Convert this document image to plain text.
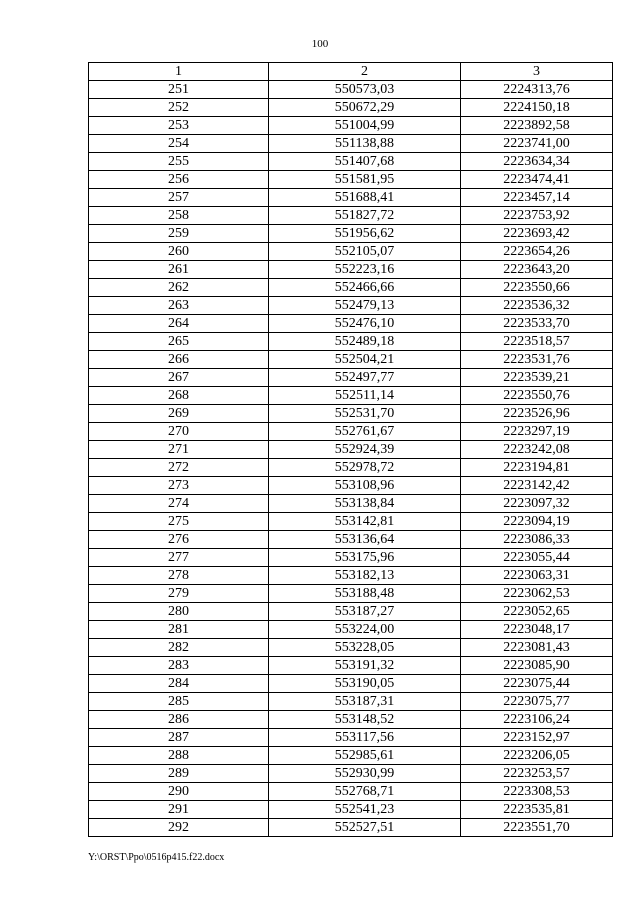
100
1	2	3
251	550573,03	2224313,76
252	550672,29	2224150,18
253	551004,99	2223892,58
254	551138,88	2223741,00
255	551407,68	2223634,34
256	551581,95	2223474,41
257	551688,41	2223457,14
258	551827,72	2223753,92
259	551956,62	2223693,42
260	552105,07	2223654,26
261	552223,16	2223643,20
262	552466,66	2223550,66
263	552479,13	2223536,32
264	552476,10	2223533,70
265	552489,18	2223518,57
266	552504,21	2223531,76
267	552497,77	2223539,21
268	552511,14	2223550,76
269	552531,70	2223526,96
270	552761,67	2223297,19
271	552924,39	2223242,08
272	552978,72	2223194,81
273	553108,96	2223142,42
274	553138,84	2223097,32
275	553142,81	2223094,19
276	553136,64	2223086,33
277	553175,96	2223055,44
278	553182,13	2223063,31
279	553188,48	2223062,53
280	553187,27	2223052,65
281	553224,00	2223048,17
282	553228,05	2223081,43
283	553191,32	2223085,90
284	553190,05	2223075,44
285	553187,31	2223075,77
286	553148,52	2223106,24
287	553117,56	2223152,97
288	552985,61	2223206,05
289	552930,99	2223253,57
290	552768,71	2223308,53
291	552541,23	2223535,81
292	552527,51	2223551,70
Y:\ORST\Ppo\0516p415.f22.docx
